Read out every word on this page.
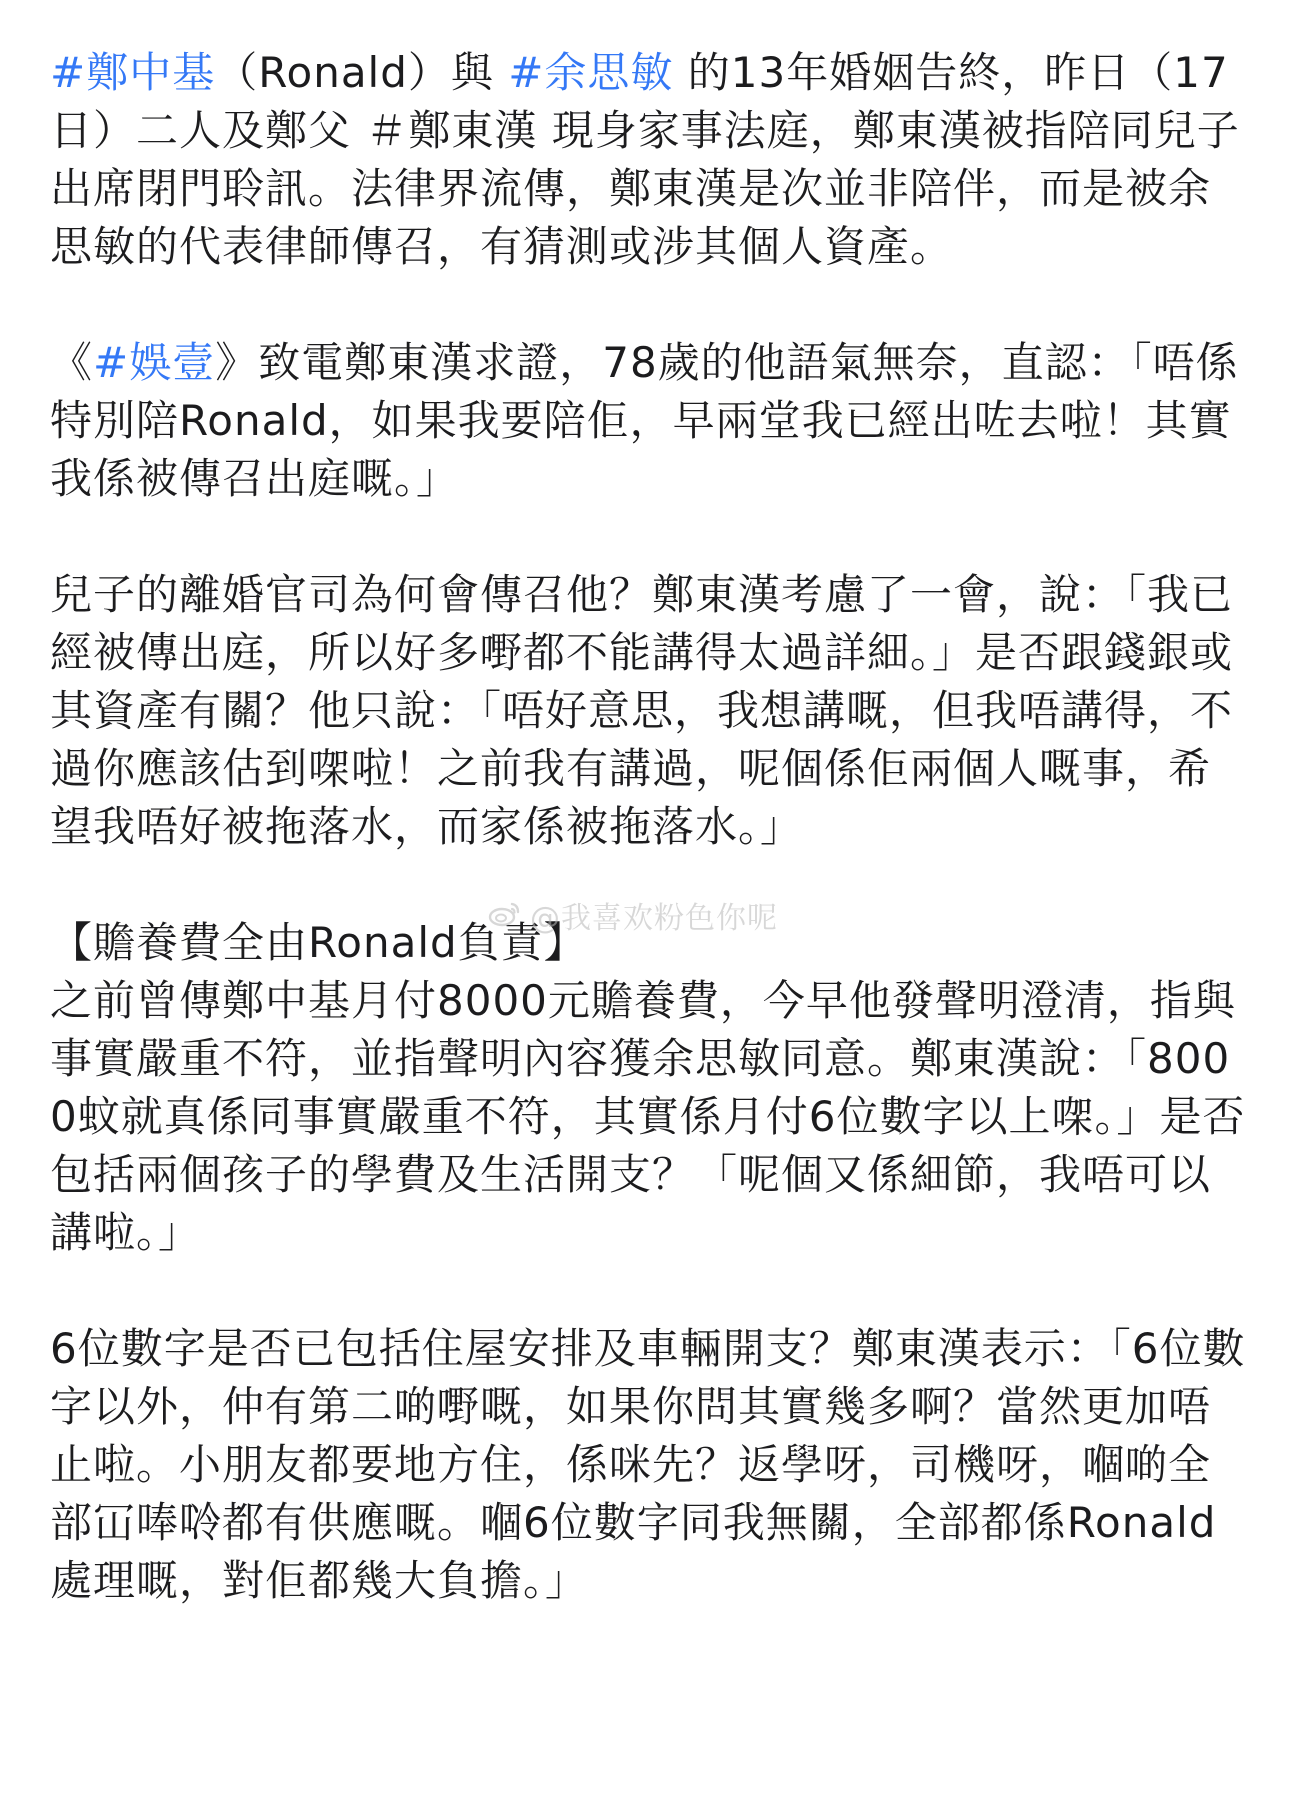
#鄭中基（Ronald）與 #余思敏 的13年婚姻告終，昨日（17日）二人及鄭父 ＃鄭東漢 現身家事法庭，鄭東漢被指陪同兒子出席閉門聆訊。法律界流傳，鄭東漢是次並非陪伴，而是被余思敏的代表律師傳召，有猜測或涉其個人資產。

《#娛壹》致電鄭東漢求證，78歲的他語氣無奈，直認：「唔係特別陪Ronald，如果我要陪佢，早兩堂我已經出咗去啦！其實我係被傳召出庭嘅。」

兒子的離婚官司為何會傳召他？鄭東漢考慮了一會，說：「我已經被傳出庭，所以好多嘢都不能講得太過詳細。」是否跟錢銀或其資產有關？他只說：「唔好意思，我想講嘅，但我唔講得，不過你應該估到㗎啦！之前我有講過，呢個係佢兩個人嘅事，希望我唔好被拖落水，而家係被拖落水。」

【贍養費全由Ronald負責】

之前曾傳鄭中基月付8000元贍養費，今早他發聲明澄清，指與事實嚴重不符，並指聲明內容獲余思敏同意。鄭東漢說：「8000蚊就真係同事實嚴重不符，其實係月付6位數字以上㗎。」是否包括兩個孩子的學費及生活開支？「呢個又係細節，我唔可以講啦。」

6位數字是否已包括住屋安排及車輛開支？鄭東漢表示：「6位數字以外，仲有第二啲嘢嘅，如果你問其實幾多啊？當然更加唔止啦。小朋友都要地方住，係咪先？返學呀，司機呀，嗰啲全部冚唪唥都有供應嘅。嗰6位數字同我無關，全部都係Ronald處理嘅，對佢都幾大負擔。」

@我喜欢粉色你呢
